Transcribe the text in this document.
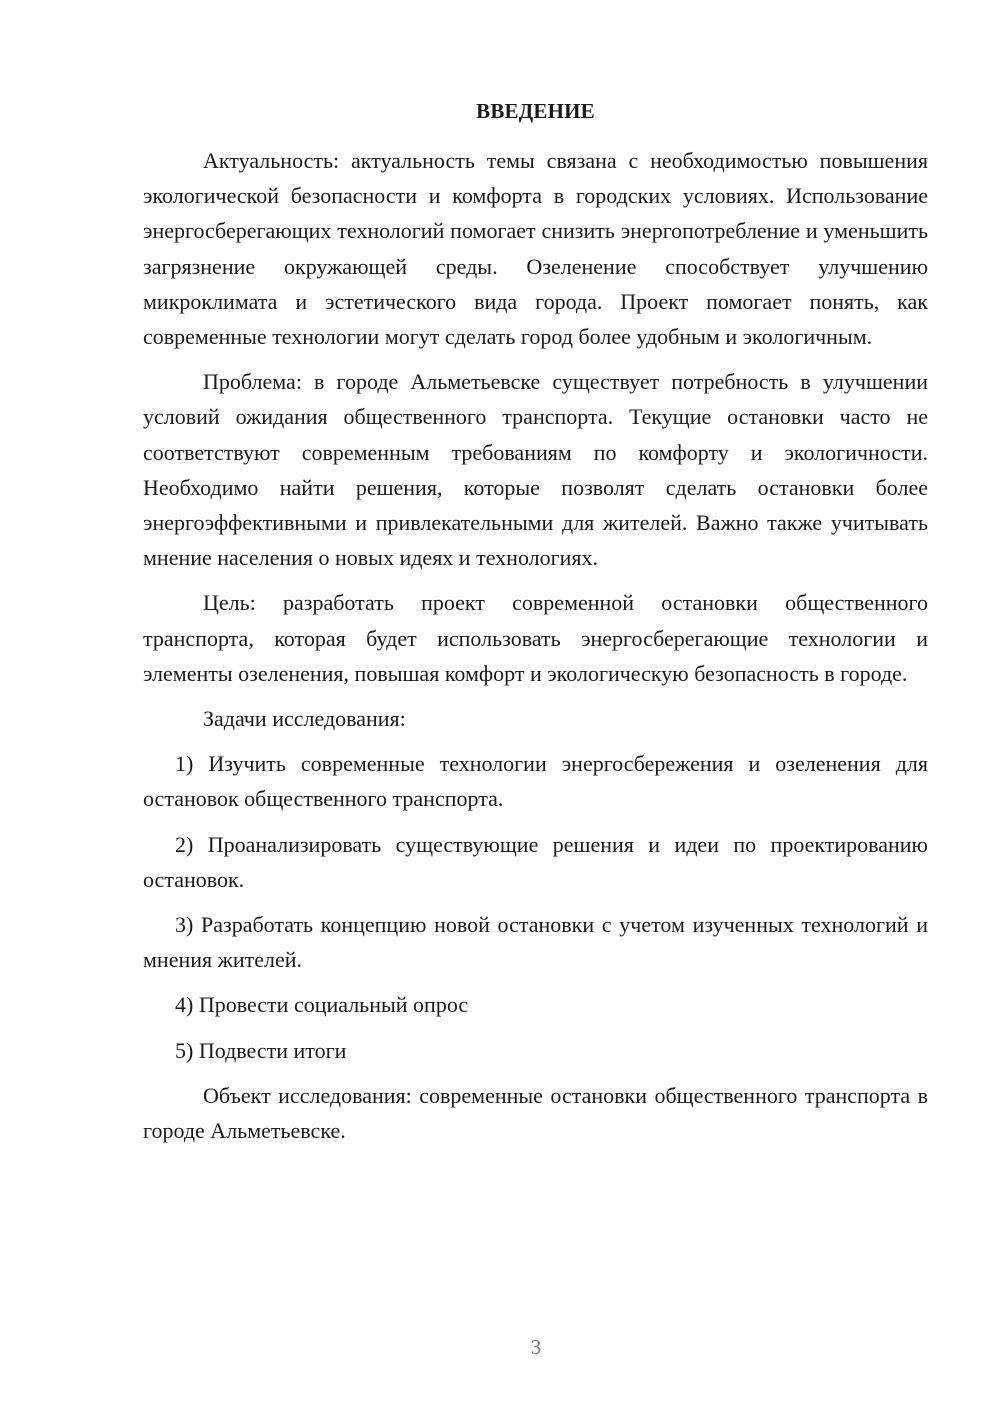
ВВЕДЕНИЕ

Актуальность: актуальность темы связана с необходимостью повышения экологической безопасности и комфорта в городских условиях. Использование энергосберегающих технологий помогает снизить энергопотребление и уменьшить загрязнение окружающей среды. Озеленение способствует улучшению микроклимата и эстетического вида города. Проект помогает понять, как современные технологии могут сделать город более удобным и экологичным.

Проблема: в городе Альметьевске существует потребность в улучшении условий ожидания общественного транспорта. Текущие остановки часто не соответствуют современным требованиям по комфорту и экологичности. Необходимо найти решения, которые позволят сделать остановки более энергоэффективными и привлекательными для жителей. Важно также учитывать мнение населения о новых идеях и технологиях.

Цель: разработать проект современной остановки общественного транспорта, которая будет использовать энергосберегающие технологии и элементы озеленения, повышая комфорт и экологическую безопасность в городе.

Задачи исследования:

1) Изучить современные технологии энергосбережения и озеленения для остановок общественного транспорта.

2) Проанализировать существующие решения и идеи по проектированию остановок.

3) Разработать концепцию новой остановки с учетом изученных технологий и мнения жителей.

4) Провести социальный опрос

5) Подвести итоги

Объект исследования: современные остановки общественного транспорта в городе Альметьевске.

3
